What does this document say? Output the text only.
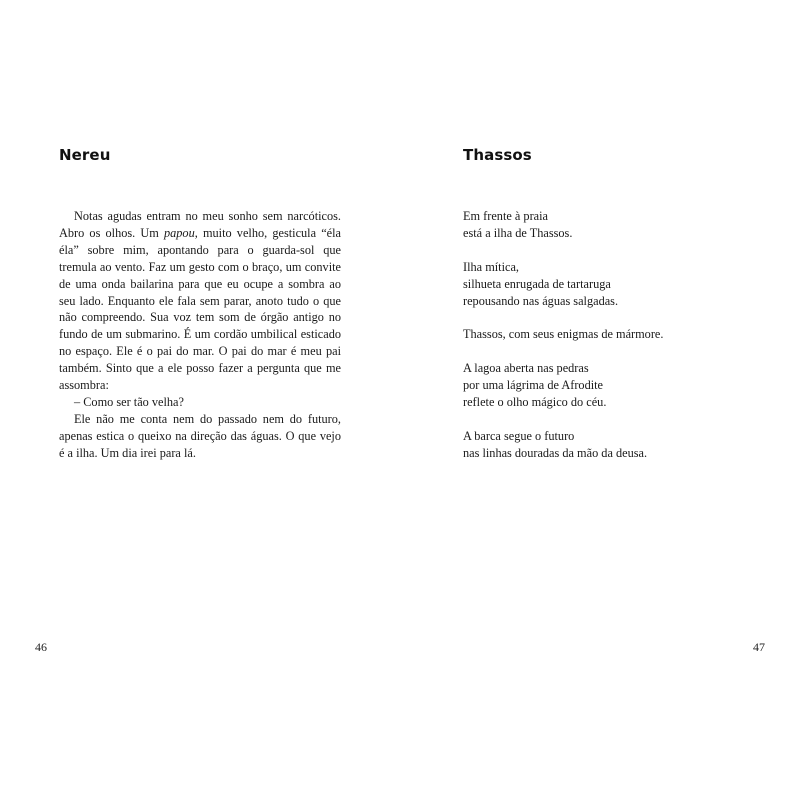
Nereu

Notas agudas entram no meu sonho sem narcóticos. Abro os olhos. Um papou, muito velho, gesticula “éla éla” sobre mim, apontando para o guarda-sol que tremula ao vento. Faz um gesto com o braço, um convite de uma onda bailarina para que eu ocupe a sombra ao seu lado. Enquanto ele fala sem parar, anoto tudo o que não compreendo. Sua voz tem som de órgão antigo no fundo de um submarino. É um cordão umbilical esticado no espaço. Ele é o pai do mar. O pai do mar é meu pai também. Sinto que a ele posso fazer a pergunta que me assombra:

– Como ser tão velha?

Ele não me conta nem do passado nem do futuro, apenas estica o queixo na direção das águas. O que vejo é a ilha. Um dia irei para lá.

46
Thassos
Em frente à praia
está a ilha de Thassos.
Ilha mítica,
silhueta enrugada de tartaruga
repousando nas águas salgadas.
Thassos, com seus enigmas de mármore.
A lagoa aberta nas pedras
por uma lágrima de Afrodite
reflete o olho mágico do céu.
A barca segue o futuro
nas linhas douradas da mão da deusa.
47
